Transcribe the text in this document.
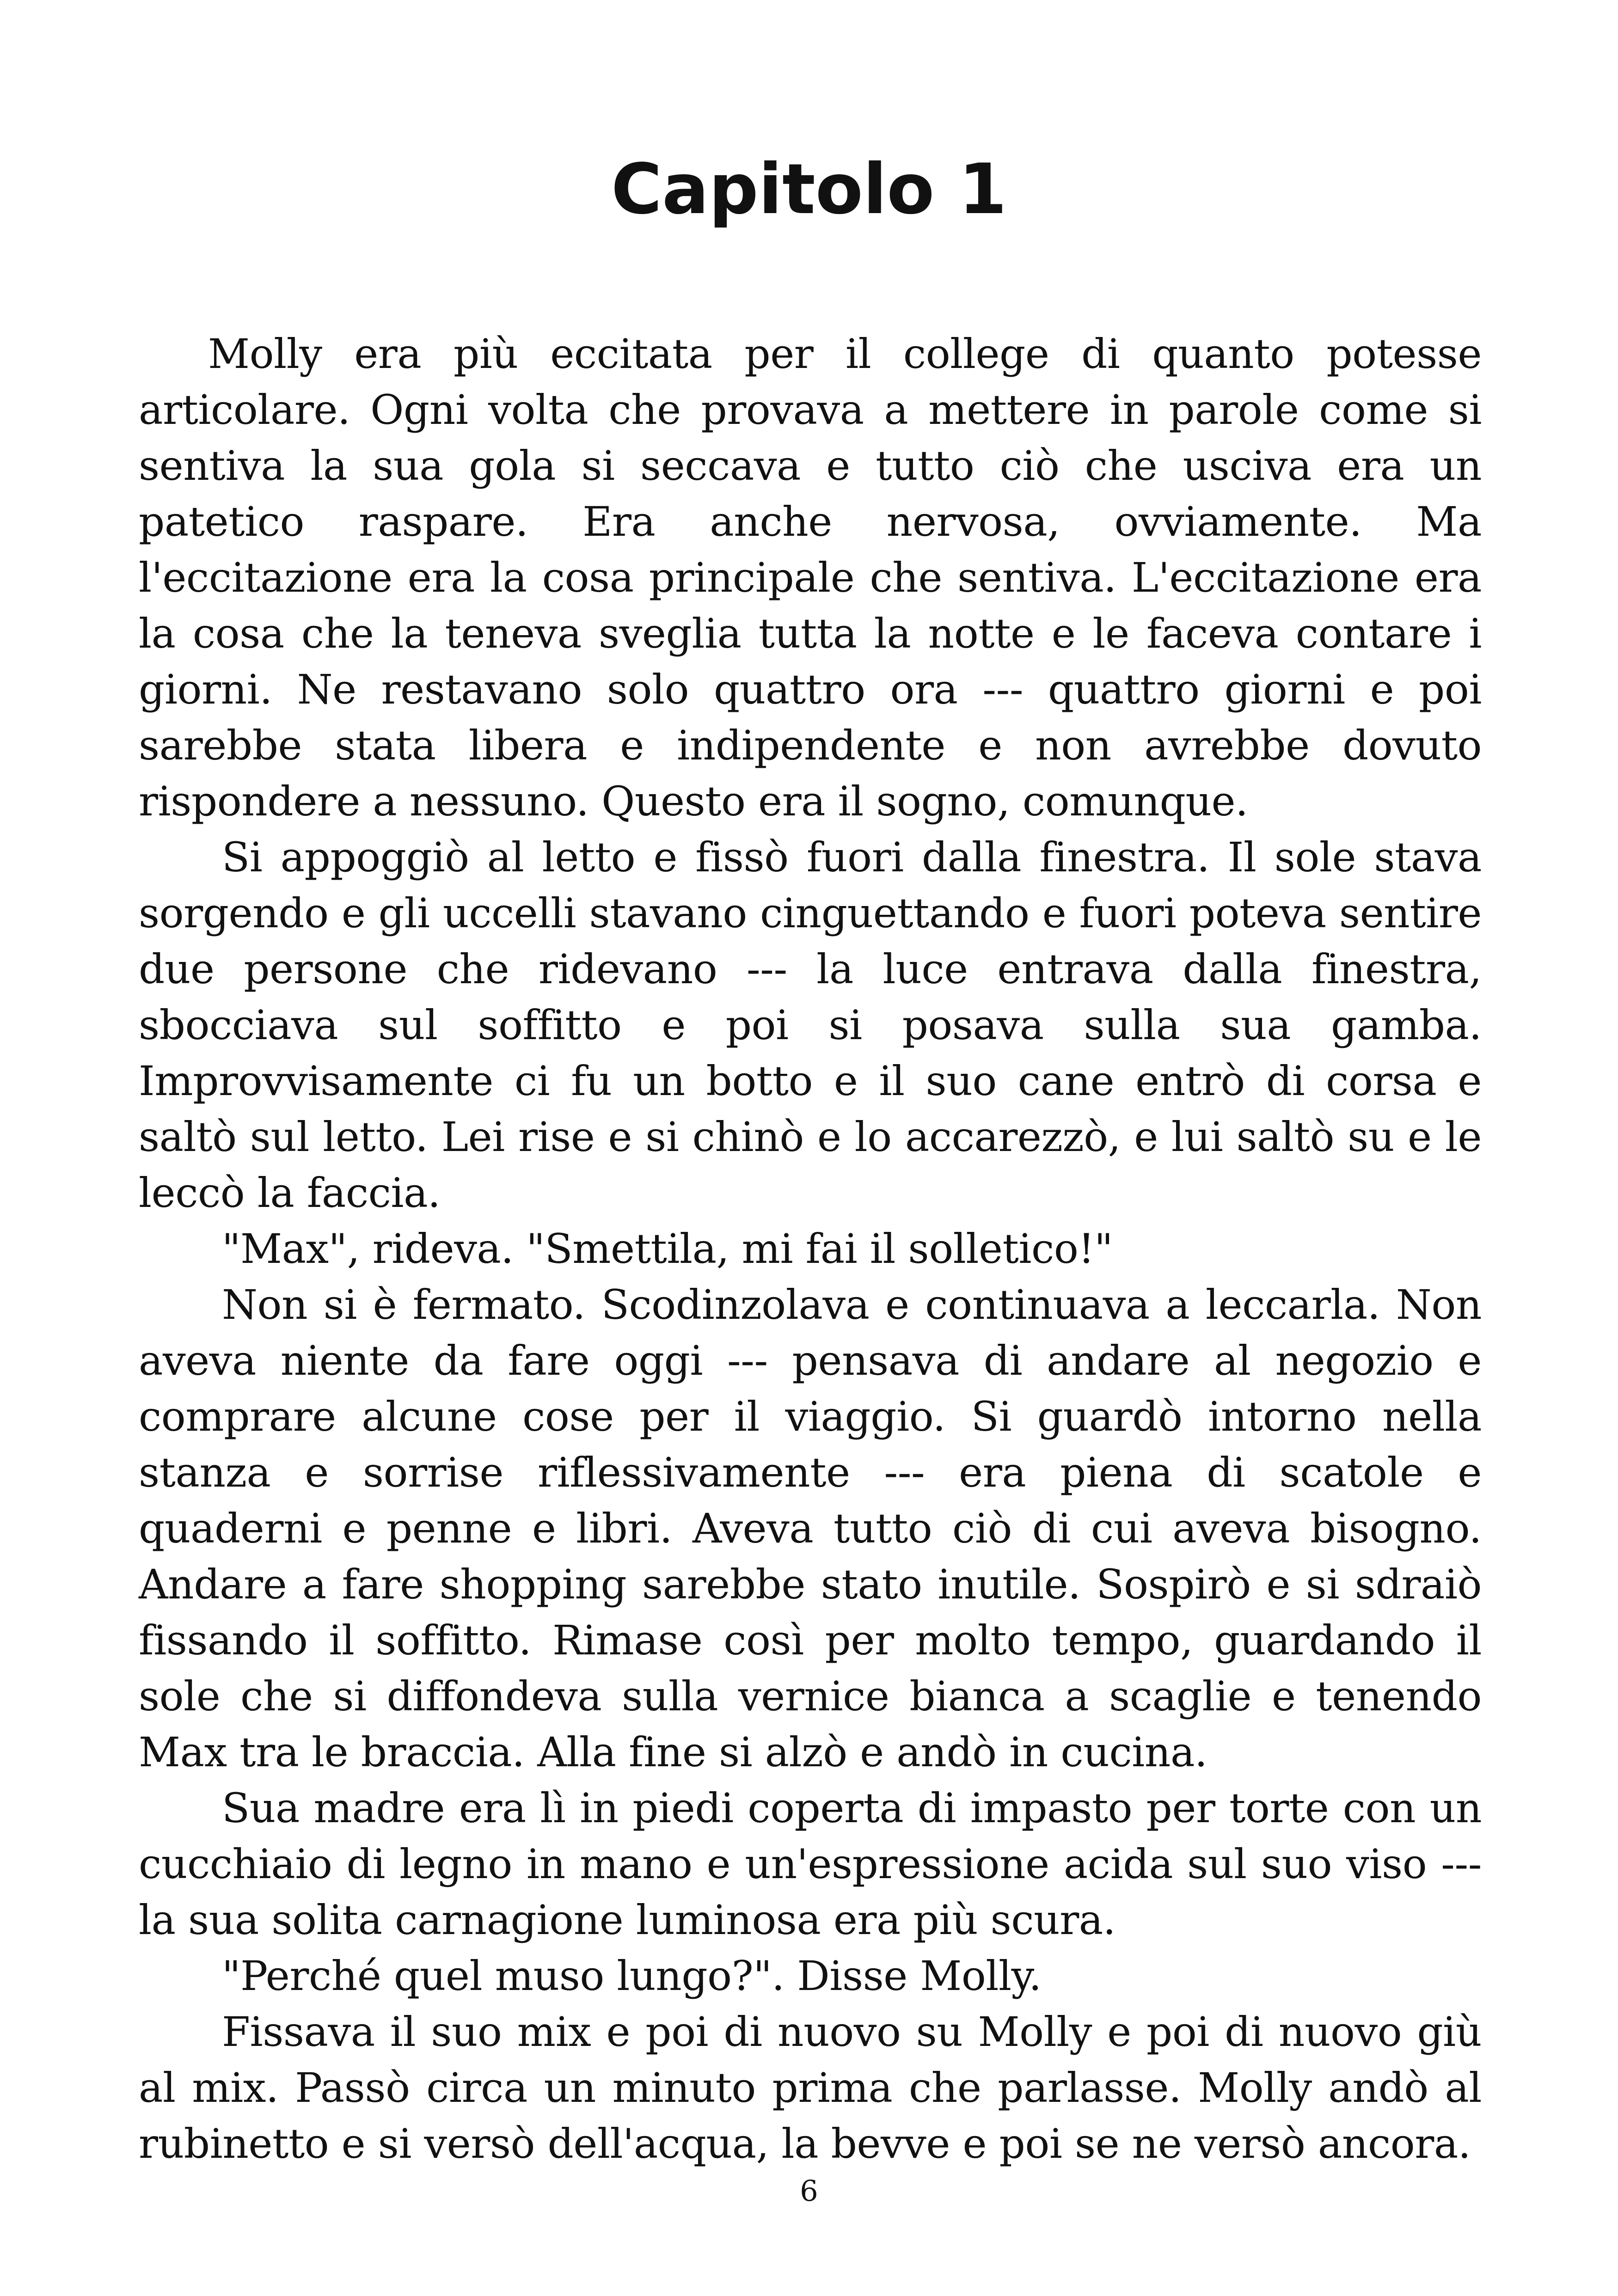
Capitolo 1

Molly era più eccitata per il college di quanto potesse articolare. Ogni volta che provava a mettere in parole come si sentiva la sua gola si seccava e tutto ciò che usciva era un patetico raspare. Era anche nervosa, ovviamente. Ma l'eccitazione era la cosa principale che sentiva. L'eccitazione era la cosa che la teneva sveglia tutta la notte e le faceva contare i giorni. Ne restavano solo quattro ora --- quattro giorni e poi sarebbe stata libera e indipendente e non avrebbe dovuto rispondere a nessuno. Questo era il sogno, comunque.

Si appoggiò al letto e fissò fuori dalla finestra. Il sole stava sorgendo e gli uccelli stavano cinguettando e fuori poteva sentire due persone che ridevano --- la luce entrava dalla finestra, sbocciava sul soffitto e poi si posava sulla sua gamba. Improvvisamente ci fu un botto e il suo cane entrò di corsa e saltò sul letto. Lei rise e si chinò e lo accarezzò, e lui saltò su e le leccò la faccia.

"Max", rideva. "Smettila, mi fai il solletico!"

Non si è fermato. Scodinzolava e continuava a leccarla. Non aveva niente da fare oggi --- pensava di andare al negozio e comprare alcune cose per il viaggio. Si guardò intorno nella stanza e sorrise riflessivamente --- era piena di scatole e quaderni e penne e libri. Aveva tutto ciò di cui aveva bisogno. Andare a fare shopping sarebbe stato inutile. Sospirò e si sdraiò fissando il soffitto. Rimase così per molto tempo, guardando il sole che si diffondeva sulla vernice bianca a scaglie e tenendo Max tra le braccia. Alla fine si alzò e andò in cucina.

Sua madre era lì in piedi coperta di impasto per torte con un cucchiaio di legno in mano e un'espressione acida sul suo viso --- la sua solita carnagione luminosa era più scura.

"Perché quel muso lungo?". Disse Molly.

Fissava il suo mix e poi di nuovo su Molly e poi di nuovo giù al mix. Passò circa un minuto prima che parlasse. Molly andò al rubinetto e si versò dell'acqua, la bevve e poi se ne versò ancora.

6
